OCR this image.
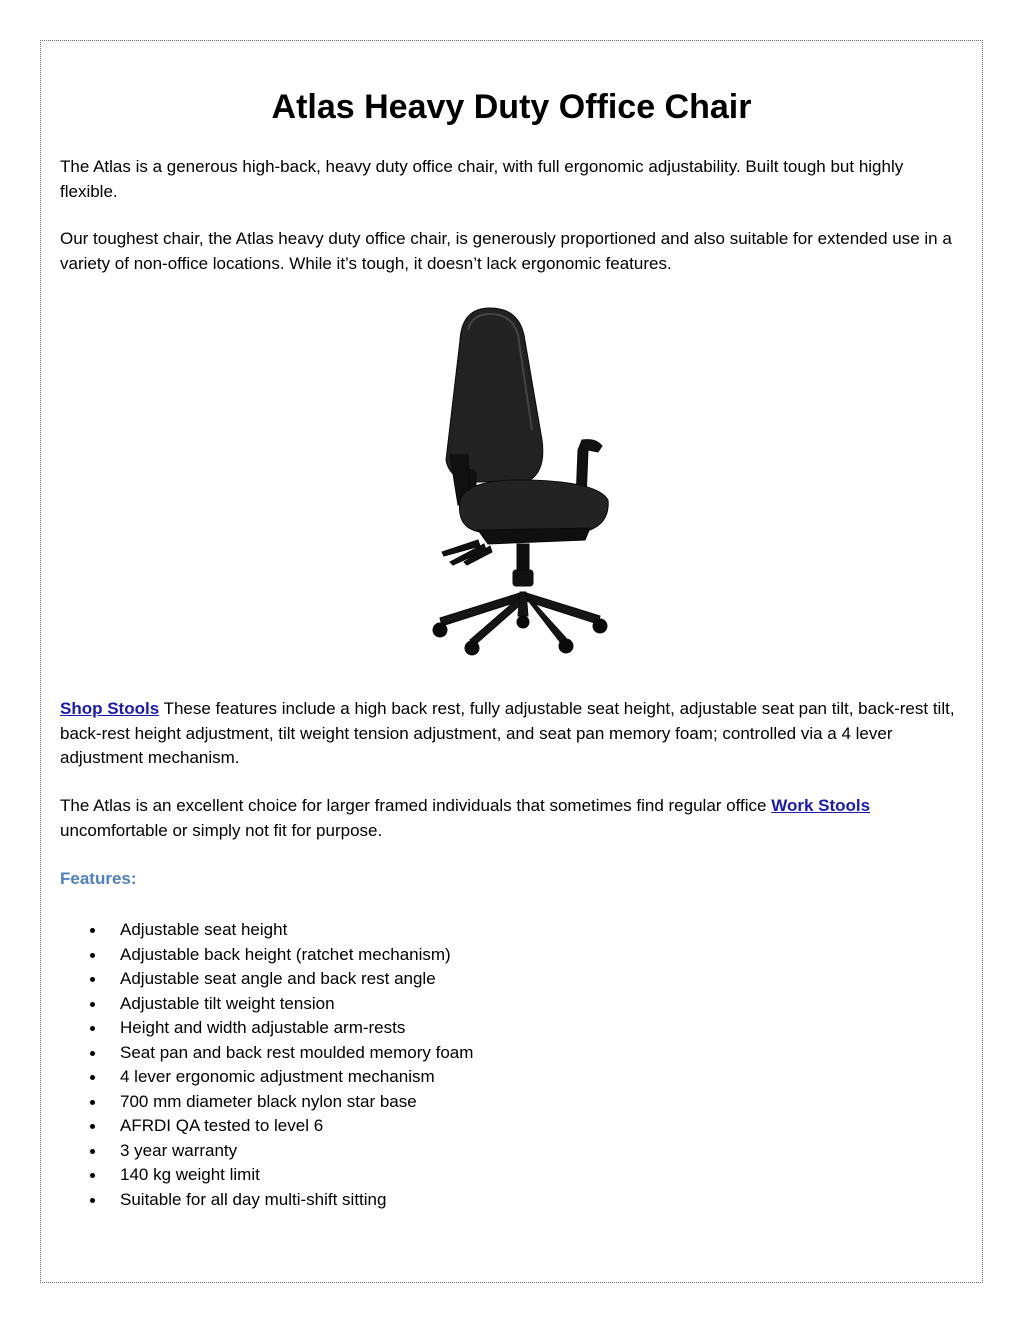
Atlas Heavy Duty Office Chair

The Atlas is a generous high-back, heavy duty office chair, with full ergonomic adjustability. Built tough but highly flexible.

Our toughest chair, the Atlas heavy duty office chair, is generously proportioned and also suitable for extended use in a variety of non-office locations. While it’s tough, it doesn’t lack ergonomic features.

Shop Stools These features include a high back rest, fully adjustable seat height, adjustable seat pan tilt, back-rest tilt, back-rest height adjustment, tilt weight tension adjustment, and seat pan memory foam; controlled via a 4 lever adjustment mechanism.

The Atlas is an excellent choice for larger framed individuals that sometimes find regular office Work Stools uncomfortable or simply not fit for purpose.

Features:

Adjustable seat height
Adjustable back height (ratchet mechanism)
Adjustable seat angle and back rest angle
Adjustable tilt weight tension
Height and width adjustable arm-rests
Seat pan and back rest moulded memory foam
4 lever ergonomic adjustment mechanism
700 mm diameter black nylon star base
AFRDI QA tested to level 6
3 year warranty
140 kg weight limit
Suitable for all day multi-shift sitting
